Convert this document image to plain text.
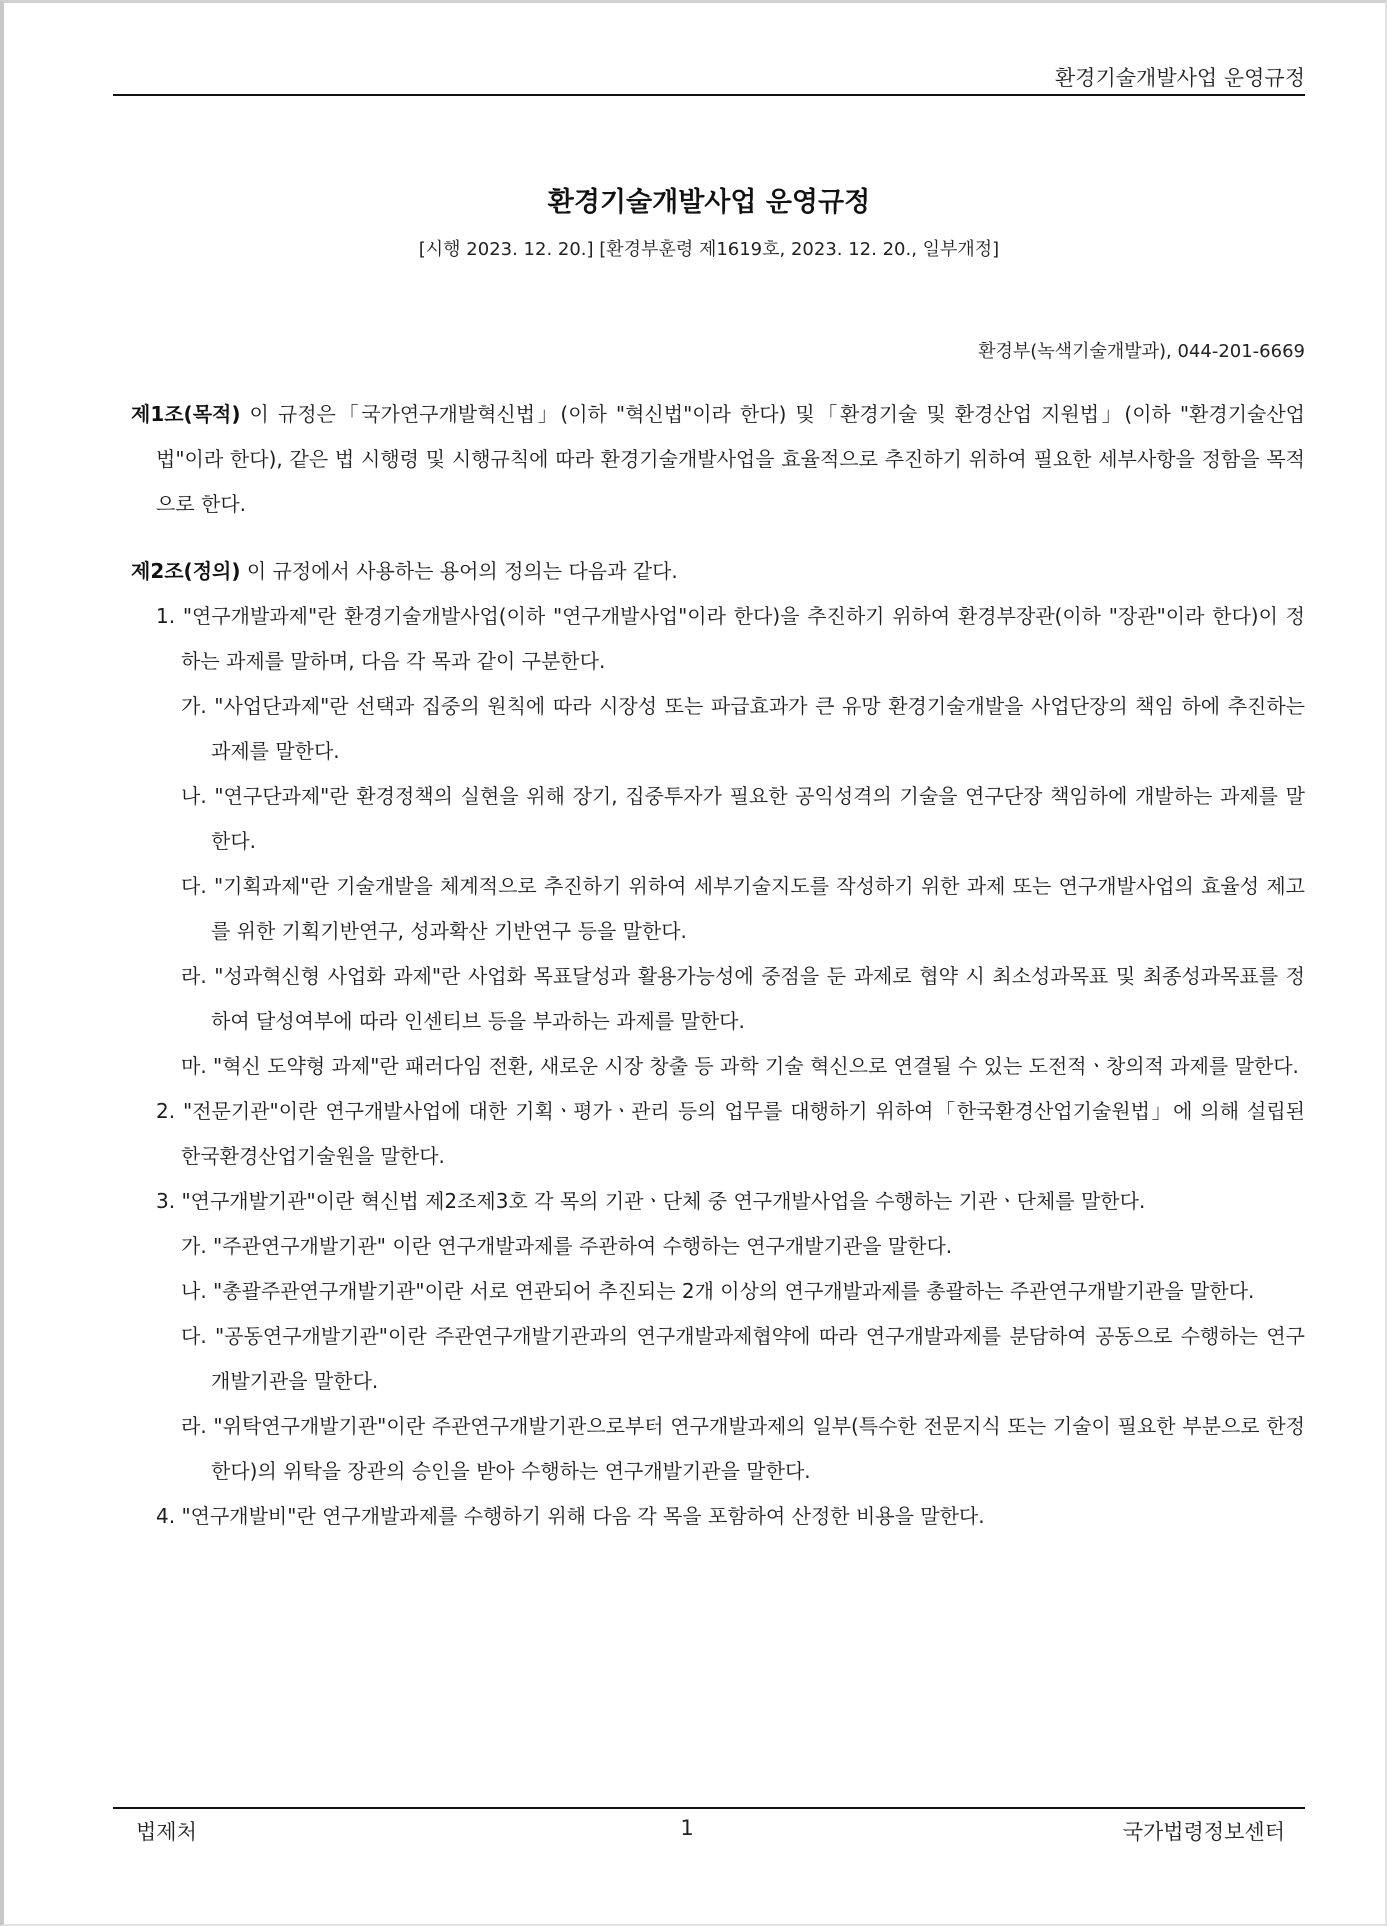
환경기술개발사업 운영규정
환경기술개발사업 운영규정
[시행 2023. 12. 20.] [환경부훈령 제1619호, 2023. 12. 20., 일부개정]
환경부(녹색기술개발과), 044-201-6669
제1조(목적) 이 규정은「국가연구개발혁신법」(이하 "혁신법"이라 한다) 및「환경기술 및 환경산업 지원법」(이하 "환경기술산업법"이라 한다), 같은 법 시행령 및 시행규칙에 따라 환경기술개발사업을 효율적으로 추진하기 위하여 필요한 세부사항을 정함을 목적으로 한다.
제2조(정의) 이 규정에서 사용하는 용어의 정의는 다음과 같다.
1. "연구개발과제"란 환경기술개발사업(이하 "연구개발사업"이라 한다)을 추진하기 위하여 환경부장관(이하 "장관"이라 한다)이 정하는 과제를 말하며, 다음 각 목과 같이 구분한다.
가. "사업단과제"란 선택과 집중의 원칙에 따라 시장성 또는 파급효과가 큰 유망 환경기술개발을 사업단장의 책임 하에 추진하는 과제를 말한다.
나. "연구단과제"란 환경정책의 실현을 위해 장기, 집중투자가 필요한 공익성격의 기술을 연구단장 책임하에 개발하는 과제를 말한다.
다. "기획과제"란 기술개발을 체계적으로 추진하기 위하여 세부기술지도를 작성하기 위한 과제 또는 연구개발사업의 효율성 제고를 위한 기획기반연구, 성과확산 기반연구 등을 말한다.
라. "성과혁신형 사업화 과제"란 사업화 목표달성과 활용가능성에 중점을 둔 과제로 협약 시 최소성과목표 및 최종성과목표를 정하여 달성여부에 따라 인센티브 등을 부과하는 과제를 말한다.
마. "혁신 도약형 과제"란 패러다임 전환, 새로운 시장 창출 등 과학 기술 혁신으로 연결될 수 있는 도전적ㆍ창의적 과제를 말한다.
2. "전문기관"이란 연구개발사업에 대한 기획ㆍ평가ㆍ관리 등의 업무를 대행하기 위하여「한국환경산업기술원법」에 의해 설립된 한국환경산업기술원을 말한다.
3. "연구개발기관"이란 혁신법 제2조제3호 각 목의 기관ㆍ단체 중 연구개발사업을 수행하는 기관ㆍ단체를 말한다.
가. "주관연구개발기관" 이란 연구개발과제를 주관하여 수행하는 연구개발기관을 말한다.
나. "총괄주관연구개발기관"이란 서로 연관되어 추진되는 2개 이상의 연구개발과제를 총괄하는 주관연구개발기관을 말한다.
다. "공동연구개발기관"이란 주관연구개발기관과의 연구개발과제협약에 따라 연구개발과제를 분담하여 공동으로 수행하는 연구개발기관을 말한다.
라. "위탁연구개발기관"이란 주관연구개발기관으로부터 연구개발과제의 일부(특수한 전문지식 또는 기술이 필요한 부분으로 한정한다)의 위탁을 장관의 승인을 받아 수행하는 연구개발기관을 말한다.
4. "연구개발비"란 연구개발과제를 수행하기 위해 다음 각 목을 포함하여 산정한 비용을 말한다.
법제처	1	국가법령정보센터
